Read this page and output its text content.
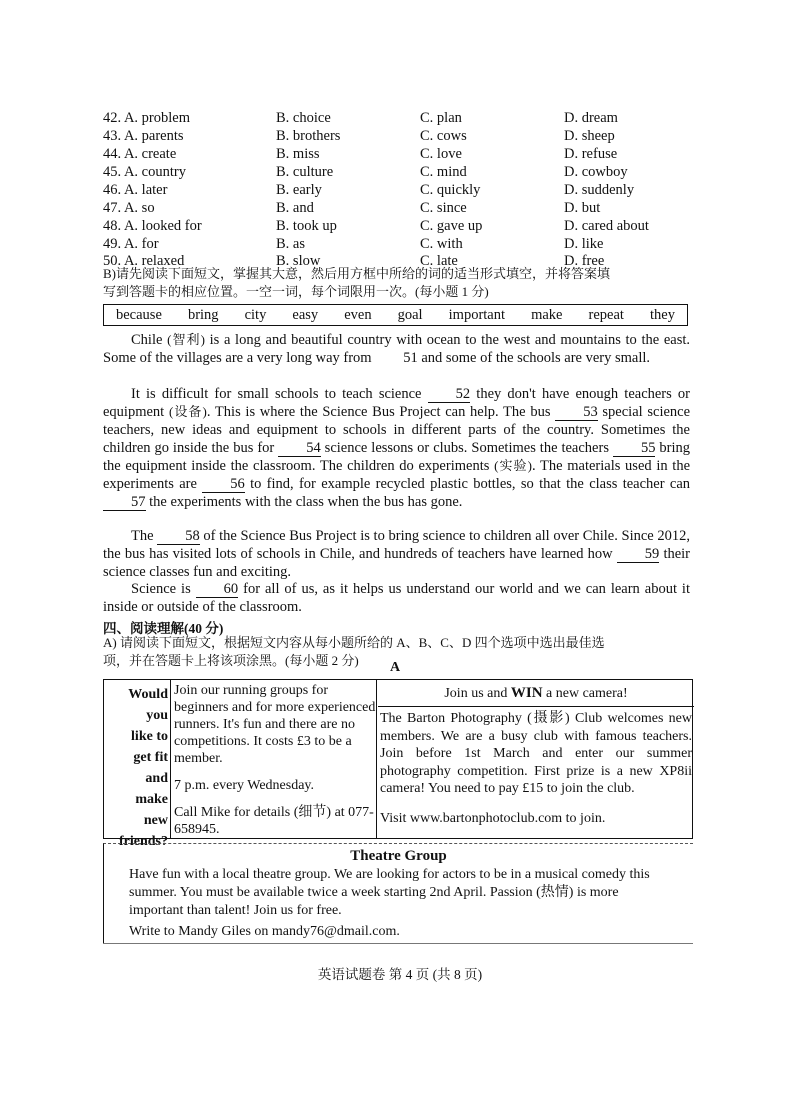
42. A. problem	B. choice	C. plan	D. dream
43. A. parents	B. brothers	C. cows	D. sheep
44. A. create	B. miss	C. love	D. refuse
45. A. country	B. culture	C. mind	D. cowboy
46. A. later	B. early	C. quickly	D. suddenly
47. A. so	B. and	C. since	D. but
48. A. looked for	B. took up	C. gave up	D. cared about
49. A. for	B. as	C. with	D. like
50. A. relaxed	B. slow	C. late	D. free
B)请先阅读下面短文，掌握其大意，然后用方框中所给的词的适当形式填空，并将答案填
写到答题卡的相应位置。一空一词，每个词限用一次。(每小题 1 分)
because bring city easy even goal important make repeat they
Chile (智利) is a long and beautiful country with ocean to the west and mountains to the east. Some of the villages are a very long way from 51 and some of the schools are very small.
It is difficult for small schools to teach science 52 they don't have enough teachers or equipment (设备). This is where the Science Bus Project can help. The bus 53 special science teachers, new ideas and equipment to schools in different parts of the country. Sometimes the children go inside the bus for 54 science lessons or clubs. Sometimes the teachers 55 bring the equipment inside the classroom. The children do experiments (实验). The materials used in the experiments are 56 to find, for example recycled plastic bottles, so that the class teacher can 57 the experiments with the class when the bus has gone.
The 58 of the Science Bus Project is to bring science to children all over Chile. Since 2012, the bus has visited lots of schools in Chile, and hundreds of teachers have learned how 59 their science classes fun and exciting.
Science is 60 for all of us, as it helps us understand our world and we can learn about it inside or outside of the classroom.
四、阅读理解(40 分)
A) 请阅读下面短文，根据短文内容从每小题所给的 A、B、C、D 四个选项中选出最佳选
项，并在答题卡上将该项涂黑。(每小题 2 分)	A
Would
you
like to
get fit
and
make
new
friends?
Join our running groups for beginners and for more experienced runners. It's fun and there are no competitions. It costs £3 to be a member.
7 p.m. every Wednesday.
Call Mike for details (细节) at 077-658945.
Join us and WIN a new camera!
The Barton Photography (摄影) Club welcomes new members. We are a busy club with famous teachers. Join before 1st March and enter our summer photography competition. First prize is a new XP8ii camera! You need to pay £15 to join the club.
Visit www.bartonphotoclub.com to join.
Theatre Group
Have fun with a local theatre group. We are looking for actors to be in a musical comedy this summer. You must be available twice a week starting 2nd April. Passion (热情) is more important than talent! Join us for free.
Write to Mandy Giles on mandy76@dmail.com.
英语试题卷 第 4 页 (共 8 页)
